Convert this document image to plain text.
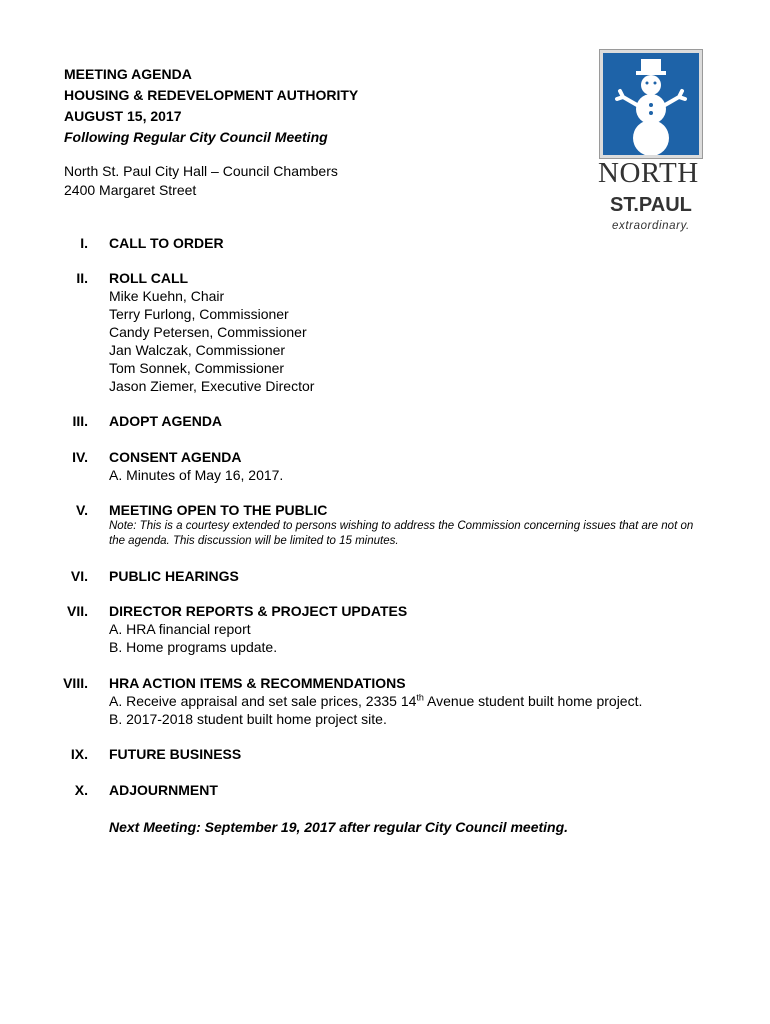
MEETING AGENDA
HOUSING & REDEVELOPMENT AUTHORITY
AUGUST 15, 2017
Following Regular City Council Meeting
North St. Paul City Hall – Council Chambers
2400 Margaret Street
NORTH
ST.PAUL
extraordinary.
I. CALL TO ORDER
II. ROLL CALL
Mike Kuehn, Chair
Terry Furlong, Commissioner
Candy Petersen, Commissioner
Jan Walczak, Commissioner
Tom Sonnek, Commissioner
Jason Ziemer, Executive Director
III. ADOPT AGENDA
IV. CONSENT AGENDA
A. Minutes of May 16, 2017.
V. MEETING OPEN TO THE PUBLIC
Note: This is a courtesy extended to persons wishing to address the Commission concerning issues that are not on the agenda. This discussion will be limited to 15 minutes.
VI. PUBLIC HEARINGS
VII. DIRECTOR REPORTS & PROJECT UPDATES
A. HRA financial report
B. Home programs update.
VIII. HRA ACTION ITEMS & RECOMMENDATIONS
A. Receive appraisal and set sale prices, 2335 14th Avenue student built home project.
B. 2017-2018 student built home project site.
IX. FUTURE BUSINESS
X. ADJOURNMENT
Next Meeting: September 19, 2017 after regular City Council meeting.
